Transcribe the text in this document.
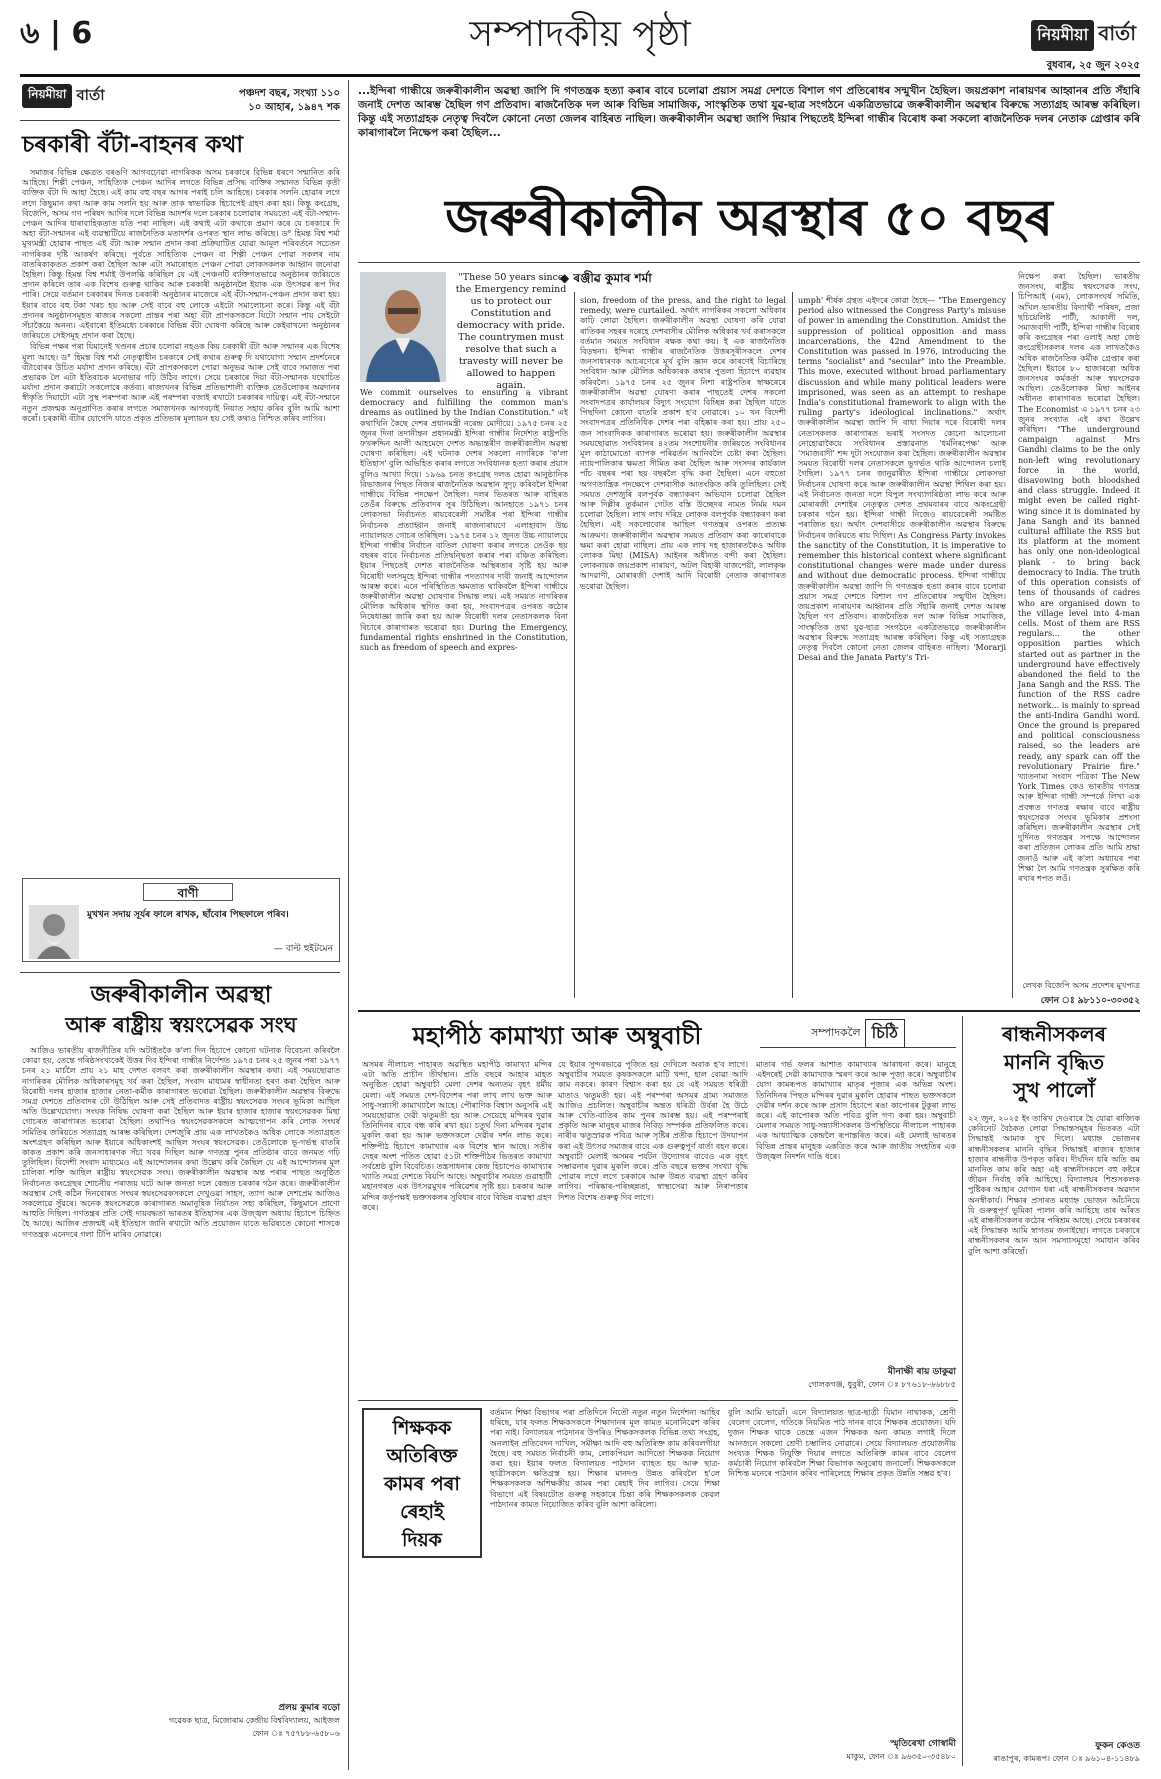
৬ | 6	সম্পাদকীয় পৃষ্ঠা	নিয়মীয়া বাৰ্তা
বুধবাৰ, ২৫ জুন ২০২৫
নিয়মীয়া বাৰ্তা	পঞ্চদশ বছৰ, সংখ্যা ১১০
১০ আহাৰ, ১৯৪৭ শক
চৰকাৰী বঁটা-বাহনৰ কথা

সমাজৰ বিভিন্ন ক্ষেত্ৰত বৰঙণি আগবঢ়োৱা নাগৰিকক অসম চৰকাৰে বিভিন্ন ধৰণে সন্মানিত কৰি আহিছে। শিল্পী পেঞ্চন, সাহিত্যিক পেঞ্চন আদিৰ লগতে বিভিন্ন প্ৰসিদ্ধ ব্যক্তিৰ সন্মানত বিভিন্ন কৃতী ব্যক্তিক বঁটা দি আহা হৈছে। এই কাম বহু বছৰ আগৰ পৰাই চলি আহিছে। চৰকাৰ সলনি হোৱাৰ লগে লগে কিছুমান কথা আৰু কাম সলনি হয় আৰু তাক স্বাভাৱিক হিচাপেই গ্ৰহণ কৰা হয়। কিন্তু কংগ্ৰেছ, বিজেপি, অসম গণ পৰিষদ আদিৰ দলে বিভিন্ন আদৰ্শৰ দলে চৰকাৰ চলোৱাৰ সময়তো এই বঁটা-সন্মান-পেঞ্চন আদিৰ ধাৰাবাহিকতাত যতি পৰা নাছিল। এই কথাই এটা কথাকে প্ৰমাণ কৰে যে চৰকাৰে দি অহা বঁটা-সন্মানৰ এই ব্যৱস্থাটিয়ে ৰাজনৈতিক মতাদৰ্শৰ ওপৰত স্থান লাভ কৰিছে। ড° হিমন্ত বিশ্ব শৰ্মা মুখ্যমন্ত্ৰী হোৱাৰ পাছত এই বঁটা আৰু সন্মান প্ৰদান কৰা প্ৰক্ৰিয়াটিত যোৱা আমূল পৰিবৰ্তনে সচেতন নাগৰিকৰ দৃষ্টি আকৰ্ষণ কৰিছে। পূৰ্বতে সাহিত্যিক পেঞ্চন বা শিল্পী পেঞ্চন পোৱা সকলৰ নাম বাতৰিকাকতত প্ৰকাশ কৰা হৈছিল আৰু এটা সমাৰোহত পেঞ্চন পোৱা লোকসকলক আহ্বান জনোৱা হৈছিল। কিন্তু হিমন্ত বিশ্ব শৰ্মাই উপলব্ধি কৰিছিল যে এই পেঞ্চনটি ব্যক্তিগতভাৱে অনুষ্ঠানৰ জৰিয়তে প্ৰদান কৰিলে তাৰ এক বিশেষ গুৰুত্ব থাকিব আৰু চৰকাৰী অনুষ্ঠানলৈ ইয়াক এক উৎসৱৰ ৰূপ দিব পাৰি। সেয়ে বৰ্তমান চৰকাৰৰ দিনত চৰকাৰী অনুষ্ঠানৰ মাজেৰে এই বঁটা-সন্মান-পেঞ্চন প্ৰদান কৰা হয়। ইয়াৰ বাবে বহু টকা খৰচ হয় আৰু সেই বাবে বহু লোকে এইটো সমালোচনা কৰে। কিন্তু এই বঁটা প্ৰদানৰ অনুষ্ঠানসমূহত ৰাজ্যৰ সকলো প্ৰান্তৰ পৰা অহা বঁটা প্ৰাপকসকলে যিটো সন্মান পায় সেইটো সঁচাকৈয়ে অনন্য। এইবাৰো ইতিমধ্যে চৰকাৰে বিভিন্ন বঁটা ঘোষণা কৰিছে আৰু কেইবাখনো অনুষ্ঠানৰ জৰিয়তে সেইসমূহ প্ৰদান কৰা হৈছে।

বিভিন্ন পক্ষৰ পৰা যিমানেই খণ্ডনৰ প্ৰচাৰ চলোৱা নহওক কিয় চৰকাৰী বঁটা আৰু সন্মানৰ এক বিশেষ মূল্য আছে। ড° হিমন্ত বিশ্ব শৰ্মা নেতৃত্বাধীন চৰকাৰে সেই কথাৰ গুৰুত্ব দি যথাযোগ্য সন্মান প্ৰদৰ্শনেৰে বঁটাবোৰৰ উচিত মৰ্যাদা প্ৰদান কৰিছে। বঁটা প্ৰাপকসকলে পোৱা অনুভৱ আৰু সেই বাবে সমাজত পৰা প্ৰভাৱক লৈ এটা ইতিবাচক মনোভাৱ গঢ়ি উঠিব লাগে। সেয়ে চৰকাৰে দিয়া বঁটা-সন্মানক যথোচিত মৰ্যাদা প্ৰদান কৰাটো সকলোৰে কৰ্তব্য। ৰাজ্যখনৰ বিভিন্ন প্ৰতিভাশালী ব্যক্তিক তেওঁলোকৰ অৱদানৰ স্বীকৃতি দিয়াটো এটা সুস্থ পৰম্পৰা আৰু এই পৰম্পৰা বজাই ৰখাটো চৰকাৰৰ দায়িত্ব। এই বঁটা-সন্মানে নতুন প্ৰজন্মক অনুপ্ৰাণিত কৰাৰ লগতে সমাজখনক আগবঢ়াই নিয়াত সহায় কৰিব বুলি আমি আশা কৰোঁ। চৰকাৰী বঁটাৰ যোগেদি যাতে প্ৰকৃত প্ৰতিভাৰ মূল্যায়ন হয় সেই কথাও নিশ্চিত কৰিব লাগিব।

বাণী
মুখখন সদায় সূৰ্যৰ ফালে ৰাখক, ছাঁবোৰ পিছফালে পৰিব।
— বাল্ট হুইটমেন
জৰুৰীকালীন অৱস্থা
আৰু ৰাষ্ট্ৰীয় স্বয়ংসেৱক সংঘ

আজিও ভাৰতীয় ৰাজনীতিৰ যদি অটাইতকৈ ক'লা দিন হিচাপে কোনো ঘটনাক বিবেচনা কৰিবলৈ কোৱা হয়, তেন্তে গৰিষ্ঠসংখ্যকেই উত্তৰ দিব ইন্দিৰা গান্ধীৰ নিৰ্দেশত ১৯৭৫ চনৰ ২৫ জুনৰ পৰা ১৯৭৭ চনৰ ২১ মাৰ্চলৈ প্ৰায় ২১ মাহ দেশত বলবৎ কৰা জৰুৰীকালীন অৱস্থাৰ কথা। এই সময়ছোৱাত নাগৰিকৰ মৌলিক অধিকাৰসমূহ খৰ্ব কৰা হৈছিল, সংবাদ মাধ্যমৰ স্বাধীনতা হৰণ কৰা হৈছিল আৰু বিৰোধী দলৰ হাজাৰ হাজাৰ নেতা-কৰ্মীক কাৰাগাৰত ভৰোৱা হৈছিল। জৰুৰীকালীন অৱস্থাৰ বিৰুদ্ধে সমগ্ৰ দেশতে প্ৰতিবাদৰ ঢৌ উঠিছিল আৰু সেই প্ৰতিবাদত ৰাষ্ট্ৰীয় স্বয়ংসেৱক সংঘৰ ভূমিকা আছিল অতি উল্লেখযোগ্য। সংঘক নিষিদ্ধ ঘোষণা কৰা হৈছিল আৰু ইয়াৰ হাজাৰ হাজাৰ স্বয়ংসেৱকক মিছা গোচৰত কাৰাগাৰত ভৰোৱা হৈছিল। তথাপিও স্বয়ংসেৱকসকলে আত্মগোপন কৰি লোক সংঘৰ্ষ সমিতিৰ জৰিয়তে সত্যাগ্ৰহ আৰম্ভ কৰিছিল। দেশজুৰি প্ৰায় এক লাখতকৈও অধিক লোকে সত্যাগ্ৰহত অংশগ্ৰহণ কৰিছিল আৰু ইয়াৰে অধিকাংশই আছিল সংঘৰ স্বয়ংসেৱক। তেওঁলোকে ভূ-গৰ্ভস্থ বাতৰি কাকত প্ৰকাশ কৰি জনসাধাৰণক সঁচা খবৰ দিছিল আৰু গণতন্ত্ৰ পুনৰ প্ৰতিষ্ঠাৰ বাবে জনমত গঢ়ি তুলিছিল। বিদেশী সংবাদ মাধ্যমেও এই আন্দোলনৰ কথা উল্লেখ কৰি কৈছিল যে এই আন্দোলনৰ মূল চালিকা শক্তি আছিল ৰাষ্ট্ৰীয় স্বয়ংসেৱক সংঘ। জৰুৰীকালীন অৱস্থাৰ অন্ত পৰাৰ পাছত অনুষ্ঠিত নিৰ্বাচনত কংগ্ৰেছৰ শোচনীয় পৰাজয় ঘটে আৰু জনতা দলে কেন্দ্ৰত চৰকাৰ গঠন কৰে। জৰুৰীকালীন অৱস্থাৰ সেই কঠিন দিনবোৰত সংঘৰ স্বয়ংসেৱকসকলে দেখুওৱা সাহস, ত্যাগ আৰু দেশপ্ৰেম আজিও সকলোৱে সুঁৱৰে। অনেক স্বয়ংসেৱকে কাৰাগাৰত অমানুষিক নিৰ্যাতন সহ্য কৰিছিল, কিছুমানে প্ৰাণো আহুতি দিছিল। গণতন্ত্ৰৰ প্ৰতি সেই দায়বদ্ধতা ভাৰতৰ ইতিহাসৰ এক উজ্জ্বল অধ্যায় হিচাপে চিহ্নিত হৈ আছে। আজিৰ প্ৰজন্মই এই ইতিহাস জানি ৰখাটো অতি প্ৰয়োজন যাতে ভৱিষ্যতে কোনো শাসকে গণতন্ত্ৰক এনেদৰে গলা টিপি মাৰিব নোৱাৰে।

প্ৰলয় কুমাৰ বড়ো
গৱেষক ছাত্ৰ, মিজোৰাম কেন্দ্ৰীয় বিশ্ববিদ্যালয়, আইজল
ফোন ঃ ৭৫৭৮৮-৬৫৮০৬
...ইন্দিৰা গান্ধীয়ে জৰুৰীকালীন অৱস্থা জাপি দি গণতন্ত্ৰক হত্যা কৰাৰ বাবে চলোৱা প্ৰয়াস সমগ্ৰ দেশতে বিশাল গণ প্ৰতিৰোধৰ সন্মুখীন হৈছিল। জয়প্ৰকাশ নাৰায়ণৰ আহ্বানৰ প্ৰতি সঁহাৰি জনাই দেশত আৰম্ভ হৈছিল গণ প্ৰতিবাদ। ৰাজনৈতিক দল আৰু বিভিন্ন সামাজিক, সাংস্কৃতিক তথা যুৱ-ছাত্ৰ সংগঠনে একত্ৰিতভাৱে জৰুৰীকালীন অৱস্থাৰ বিৰুদ্ধে সত্যাগ্ৰহ আৰম্ভ কৰিছিল। কিন্তু এই সত্যাগ্ৰহক নেতৃত্ব দিবলৈ কোনো নেতা জেলৰ বাহিৰত নাছিল। জৰুৰীকালীন অৱস্থা জাপি দিয়াৰ পিছতেই ইন্দিৰা গান্ধীৰ বিৰোধ কৰা সকলো ৰাজনৈতিক দলৰ নেতাক গ্ৰেপ্তাৰ কৰি কাৰাগাৰলৈ নিক্ষেপ কৰা হৈছিল...
জৰুৰীকালীন অৱস্থাৰ ৫০ বছৰ
◆ ৰঞ্জীৱ কুমাৰ শৰ্মা
"These 50 years since the Emergency remind us to protect our Constitution and democracy with pride. The countrymen must resolve that such a travesty will never be allowed to happen again.
We commit ourselves to ensuring a vibrant democracy and fulfilling the common man's dreams as outlined by the Indian Constitution." এই কথাখিনি কৈছে দেশৰ প্ৰধানমন্ত্ৰী নৰেন্দ্ৰ মোদীয়ে। ১৯৭৫ চনৰ ২৫ জুনৰ দিনা তদানীন্তন প্ৰধানমন্ত্ৰী ইন্দিৰা গান্ধীৰ নিৰ্দেশত ৰাষ্ট্ৰপতি ফখৰুদ্দিন আলী আহমেদে দেশত অভ্যন্তৰীণ জৰুৰীকালীন অৱস্থা ঘোষণা কৰিছিল। এই ঘটনাক দেশৰ সকলো নাগৰিকে 'ক'লা ইতিহাস' বুলি অভিহিত কৰাৰ লগতে সংবিধানক হত্যা কৰাৰ প্ৰয়াস বুলিও আখ্যা দিয়ে। ১৯৬৯ চনত কংগ্ৰেছ দলত হোৱা আনুষ্ঠানিক বিভাজনৰ পিছত নিজৰ ৰাজনৈতিক অৱস্থান সুদৃঢ় কৰিবলৈ ইন্দিৰা গান্ধীয়ে বিভিন্ন পদক্ষেপ লৈছিল। দলৰ ভিতৰত আৰু বাহিৰত তেওঁৰ বিৰুদ্ধে প্ৰতিবাদৰ সুৰ উঠিছিল। আনহাতে ১৯৭১ চনৰ লোকসভা নিৰ্বাচনত ৰায়বেৰেলী সমষ্টিৰ পৰা ইন্দিৰা গান্ধীৰ নিৰ্বাচনক প্ৰত্যাহ্বান জনাই ৰাজনাৰায়ণে এলাহাবাদ উচ্চ ন্যায়ালয়ত গোচৰ তৰিছিল। ১৯৭৫ চনৰ ১২ জুনত উচ্চ ন্যায়ালয়ে ইন্দিৰা গান্ধীৰ নিৰ্বাচন বাতিল ঘোষণা কৰাৰ লগতে তেওঁক ছয় বছৰৰ বাবে নিৰ্বাচনত প্ৰতিদ্বন্দ্বিতা কৰাৰ পৰা বঞ্চিত কৰিছিল। ইয়াৰ পিছতেই দেশত ৰাজনৈতিক অস্থিৰতাৰ সৃষ্টি হয় আৰু বিৰোধী দলসমূহে ইন্দিৰা গান্ধীৰ পদত্যাগৰ দাবী জনাই আন্দোলন আৰম্ভ কৰে। এনে পৰিস্থিতিত ক্ষমতাত থাকিবলৈ ইন্দিৰা গান্ধীয়ে জৰুৰীকালীন অৱস্থা ঘোষণাৰ সিদ্ধান্ত লয়। এই সময়ত নাগৰিকৰ মৌলিক অধিকাৰ স্থগিত কৰা হয়, সংবাদপত্ৰৰ ওপৰত কঠোৰ নিষেধাজ্ঞা জাৰি কৰা হয় আৰু বিৰোধী দলৰ নেতাসকলক বিনা বিচাৰে কাৰাগাৰত ভৰোৱা হয়। During the Emergency, fundamental rights enshrined in the Constitution, such as freedom of speech and expres-
sion, freedom of the press, and the right to legal remedy, were curtailed. অৰ্থাৎ নাগৰিকৰ সকলো অধিকাৰ কাঢ়ি লোৱা হৈছিল। জৰুৰীকালীন অৱস্থা ঘোষণা কৰি যোৱা ৰাতিকৰ সহৰৰ দৰেহে দেশবাসীৰ মৌলিক অধিকাৰ খৰ্ব কৰাসকলে বৰ্তমান সময়ত সংবিধান ৰক্ষক কথা কয়। ই এক ৰাজনৈতিক বিড়ম্বনা। ইন্দিৰা গান্ধীৰ ৰাজনৈতিক উত্তৰসূৰীসকলে দেশৰ জনসাধাৰণক আচৰণেৰে মূৰ্খ বুলি জ্ঞান কৰে কাৰণেই বিচাৰিছে সংবিধান আৰু মৌলিক অধিকাৰক কথাৰ পুতলা হিচাপে ব্যৱহাৰ কৰিবলৈ। ১৯৭৫ চনৰ ২৫ জুনৰ নিশা ৰাষ্ট্ৰপতিৰ স্বাক্ষৰেৰে জৰুৰীকালীন অৱস্থা ঘোষণা কৰাৰ পাছতেই দেশৰ সকলো সংবাদপত্ৰৰ কাৰ্যালয়ৰ বিদ্যুৎ সংযোগ বিচ্ছিন্ন কৰা হৈছিল যাতে পিছদিনা কোনো বাতৰি প্ৰকাশ হ'ব নোৱাৰে। ১০ খন বিদেশী সংবাদপত্ৰৰ প্ৰতিনিধিক দেশৰ পৰা বহিষ্কাৰ কৰা হয়। প্ৰায় ২৫০ জন সাংবাদিকক কাৰাগাৰত ভৰোৱা হয়। জৰুৰীকালীন অৱস্থাৰ সময়ছোৱাত সংবিধানৰ ৪২তম সংশোধনীৰ জৰিয়তে সংবিধানৰ মূল কাঠামোতো ব্যাপক পৰিৱৰ্তন আনিবলৈ চেষ্টা কৰা হৈছিল। ন্যায়পালিকাৰ ক্ষমতা সীমিত কৰা হৈছিল আৰু সংসদৰ কাৰ্যকাল পাঁচ বছৰৰ পৰা ছয় বছৰলৈ বৃদ্ধি কৰা হৈছিল। এনে বহুতো অগণতান্ত্ৰিক পদক্ষেপে দেশবাসীক আতংকিত কৰি তুলিছিল। সেই সময়ত দেশজুৰি বলপূৰ্বক বন্ধ্যাকৰণ অভিযান চলোৱা হৈছিল আৰু দিল্লীৰ তুৰ্কমান গেটত বস্তি উচ্ছেদৰ নামত নিৰ্মম দমন চলোৱা হৈছিল। লাখ লাখ দৰিদ্ৰ লোকক বলপূৰ্বক বন্ধ্যাকৰণ কৰা হৈছিল। এই সকলোবোৰ আছিল গণতন্ত্ৰৰ ওপৰত প্ৰত্যক্ষ আক্ৰমণ। জৰুৰীকালীন অৱস্থাৰ সময়ত প্ৰতিবাদ কৰা কাৰোবাকে ক্ষমা কৰা হোৱা নাছিল। প্ৰায় এক লাখ দহ হাজাৰতকৈও অধিক লোকক মিছা (MISA) আইনৰ অধীনত বন্দী কৰা হৈছিল। লোকনায়ক জয়প্ৰকাশ নাৰায়ণ, অটল বিহাৰী বাজপেয়ী, লালকৃষ্ণ আদৱাণী, মোৰাৰজী দেশাই আদি বিৰোধী নেতাক কাৰাগাৰত ভৰোৱা হৈছিল।
umph' শীৰ্ষক গ্ৰন্থত এইদৰে কোৱা হৈছে— "The Emergency period also witnessed the Congress Party's misuse of power in amending the Constitution. Amidst the suppression of political opposition and mass incarcerations, the 42nd Amendment to the Constitution was passed in 1976, introducing the terms "socialist" and "secular" into the Preamble. This move, executed without broad parliamentary discussion and while many political leaders were imprisoned, was seen as an attempt to reshape India's constitutional framework to align with the ruling party's ideological inclinations." অৰ্থাৎ জৰুৰীকালীন অৱস্থা জাপি দি বাধা দিয়াৰ দৰে বিৰোধী দলৰ নেতাসকলক কাৰাগাৰত ভৰাই সংসদত কোনো আলোচনা নোহোৱাকৈয়ে সংবিধানৰ প্ৰস্তাৱনাত 'ধৰ্মনিৰপেক্ষ' আৰু 'সমাজবাদী' শব্দ দুটা সংযোজন কৰা হৈছিল। জৰুৰীকালীন অৱস্থাৰ সময়ত বিৰোধী দলৰ নেতাসকলে ভূগৰ্ভত থাকি আন্দোলন চলাই গৈছিল। ১৯৭৭ চনৰ জানুৱাৰীত ইন্দিৰা গান্ধীয়ে লোকসভা নিৰ্বাচনৰ ঘোষণা কৰে আৰু জৰুৰীকালীন অৱস্থা শিথিল কৰা হয়। এই নিৰ্বাচনত জনতা দলে বিপুল সংখ্যাগৰিষ্ঠতা লাভ কৰে আৰু মোৰাৰজী দেশাইৰ নেতৃত্বত দেশত প্ৰথমবাৰৰ বাবে অকংগ্ৰেছী চৰকাৰ গঠন হয়। ইন্দিৰা গান্ধী নিজেও ৰায়বেৰেলী সমষ্টিত পৰাজিত হয়। অৰ্থাৎ দেশবাসীয়ে জৰুৰীকালীন অৱস্থাৰ বিৰুদ্ধে নিৰ্বাচনৰ জৰিয়তে ৰায় দিছিল। As Congress Party invokes the sanctity of the Constitution, it is imperative to remember this historical context where significant constitutional changes were made under duress and without due democratic process. ইন্দিৰা গান্ধীয়ে জৰুৰীকালীন অৱস্থা জাপি দি গণতন্ত্ৰক হত্যা কৰাৰ বাবে চলোৱা প্ৰয়াস সমগ্ৰ দেশতে বিশাল গণ প্ৰতিৰোধৰ সন্মুখীন হৈছিল। জয়প্ৰকাশ নাৰায়ণৰ আহ্বানৰ প্ৰতি সঁহাৰি জনাই দেশত আৰম্ভ হৈছিল গণ প্ৰতিবাদ। ৰাজনৈতিক দল আৰু বিভিন্ন সামাজিক, সাংস্কৃতিক তথা যুৱ-ছাত্ৰ সংগঠনে একত্ৰিতভাৱে জৰুৰীকালীন অৱস্থাৰ বিৰুদ্ধে সত্যাগ্ৰহ আৰম্ভ কৰিছিল। কিন্তু এই সত্যাগ্ৰহক নেতৃত্ব দিবলৈ কোনো নেতা জেলৰ বাহিৰত নাছিল। 'Morarji Desai and the Janata Party's Tri-
নিক্ষেপ কৰা হৈছিল। ভাৰতীয় জনসংঘ, ৰাষ্ট্ৰীয় স্বয়ংসেৱক সংঘ, চিপিআই (এম), লোকসংঘৰ্ষ সমিতি, অখিল ভাৰতীয় বিদ্যাৰ্থী পৰিষদ, প্ৰজা ছচিয়েলিষ্ট পাৰ্টী, আকালী দল, সমাজবাদী পাৰ্টী, ইন্দিৰা গান্ধীৰ বিৰোধ কৰি কংগ্ৰেছৰ পৰা ওলাই অহা জেষ্ঠ কংগ্ৰেছীসকলৰ দলৰ এক লাখতকৈও অধিক ৰাজনৈতিক কৰ্মীক গ্ৰেপ্তাৰ কৰা হৈছিল। ইয়াৰে ৮০ হাজাৰৰো অধিক জনসংঘৰ কৰ্মকৰ্তা আৰু স্বয়ংসেৱক আছিল। তেওঁলোকক মিছা আইনৰ অধীনত কাৰাগাৰত ভৰোৱা হৈছিল। The Economist এ ১৯৭৭ চনৰ ২৩ জুনৰ সংখ্যাত এই কথা উল্লেখ কৰিছিল। "The underground campaign against Mrs Gandhi claims to be the only non-left wing revolutionary force in the world, disavowing both bloodshed and class struggle. Indeed it might even be called right-wing since it is dominated by Jana Sangh and its banned cultural affiliate the RSS but its platform at the moment has only one non-ideological plank - to bring back democracy to India. The truth of this operation consists of tens of thousands of cadres who are organised down to the village level into 4-man cells. Most of them are RSS regulars... the other opposition parties which started out as partner in the underground have effectively abandoned the field to the Jana Sangh and the RSS. The function of the RSS cadre network... is mainly to spread the anti-Indira Gandhi word. Once the ground is prepared and political consciousness raised, so the leaders are ready, any spark can off the revolutionary Prairie fire." খ্যাতনামা সংবাদ পত্ৰিকা The New York Times কেও ভাৰতীয় গণতন্ত্ৰ আৰু ইন্দিৰা গান্ধী সম্পৰ্কে লিখা এক প্ৰবন্ধত গণতন্ত্ৰ ৰক্ষাৰ বাবে ৰাষ্ট্ৰীয় স্বয়ংসেৱক সংঘৰ ভূমিকাৰ প্ৰশংসা কৰিছিল। জৰুৰীকালীন অৱস্থাৰ সেই দুৰ্দিনত গণতন্ত্ৰৰ সপক্ষে আন্দোলন কৰা প্ৰতিজন লোকৰ প্ৰতি আমি শ্ৰদ্ধা জনাওঁ আৰু এই ক'লা অধ্যায়ৰ পৰা শিক্ষা লৈ আমি গণতন্ত্ৰক সুৰক্ষিত কৰি ৰখাৰ শপত লওঁ।
লেখক বিজেপি অসম প্ৰদেশৰ মুখপাত্ৰ
ফোন ঃ ৯৮১১০-৩০৩৫২
মহাপীঠ কামাখ্যা আৰু অম্বুবাচী
অসমৰ নীলাচল পাহাৰত অৱস্থিত মহাপীঠ কামাখ্যা মন্দিৰ এটা অতি প্ৰাচীন তীৰ্থস্থান। প্ৰতি বছৰে আহাৰ মাহত অনুষ্ঠিত হোৱা অম্বুবাচী মেলা দেশৰ অন্যতম বৃহৎ ধৰ্মীয় মেলা। এই সময়ত দেশ-বিদেশৰ পৰা লাখ লাখ ভক্ত আৰু সাধু-সন্ন্যাসী কামাখ্যালৈ আহে। পৌৰাণিক বিশ্বাস অনুসৰি এই সময়ছোৱাত দেৱী ঋতুমতী হয় আৰু সেয়েহে মন্দিৰৰ দুৱাৰ তিনিদিনৰ বাবে বন্ধ কৰি ৰখা হয়। চতুৰ্থ দিনা মন্দিৰৰ দুৱাৰ মুকলি কৰা হয় আৰু ভক্তসকলে দেৱীৰ দৰ্শন লাভ কৰে। শক্তিপীঠ হিচাপে কামাখ্যাৰ এক বিশেষ স্থান আছে। সতীৰ দেহৰ অংশ পতিত হোৱা ৫১টা শক্তিপীঠৰ ভিতৰত কামাখ্যা সৰ্বশ্ৰেষ্ঠ বুলি বিবেচিত। তন্ত্ৰসাধনাৰ কেন্দ্ৰ হিচাপেও কামাখ্যাৰ খ্যাতি সমগ্ৰ দেশতে বিয়পি আছে। অম্বুবাচীৰ সময়ত গুৱাহাটী মহানগৰত এক উৎসৱমুখৰ পৰিৱেশৰ সৃষ্টি হয়। চৰকাৰ আৰু মন্দিৰ কৰ্তৃপক্ষই ভক্তসকলৰ সুবিধাৰ বাবে বিভিন্ন ব্যৱস্থা গ্ৰহণ কৰে।
যে ইয়াৰ সুন্দৰভাৱে পূজিত হয় দেখিলে অবাক হ'ব লাগে। অম্বুবাচীৰ সময়ত কৃষকসকলে মাটি খন্দা, হাল বোৱা আদি কাম নকৰে। কাৰণ বিশ্বাস কৰা হয় যে এই সময়ত ধৰিত্ৰী মাতাও ঋতুমতী হয়। এই পৰম্পৰা অসমৰ গ্ৰাম্য সমাজত আজিও প্ৰচলিত। অম্বুবাচীৰ অন্তত ধৰিত্ৰী উৰ্বৰা হৈ উঠে আৰু খেতি-বাতিৰ কাম পুনৰ আৰম্ভ হয়। এই পৰম্পৰাই প্ৰকৃতি আৰু মানুহৰ মাজৰ নিবিড় সম্পৰ্কক প্ৰতিফলিত কৰে। নাৰীৰ ঋতুস্ৰাৱক পবিত্ৰ আৰু সৃষ্টিৰ প্ৰতীক হিচাপে উদযাপন কৰা এই উৎসৱ সমাজৰ বাবে এক গুৰুত্বপূৰ্ণ বাৰ্তা বহন কৰে। অম্বুবাচী মেলাই অসমৰ পৰ্যটন উদ্যোগৰ বাবেও এক বৃহৎ সম্ভাৱনাৰ দুৱাৰ মুকলি কৰে। প্ৰতি বছৰে ভক্তৰ সংখ্যা বৃদ্ধি পোৱাৰ লগে লগে চৰকাৰে আৰু উন্নত ব্যৱস্থা গ্ৰহণ কৰিব লাগিব। পৰিষ্কাৰ-পৰিচ্ছন্নতা, স্বাস্থ্যসেৱা আৰু নিৰাপত্তাৰ দিশত বিশেষ গুৰুত্ব দিব লাগে।
মাতাৰ গৰ্ভ ফলৰ আশাত কামাখ্যাৰ আৰাধনা কৰে। মানুহে এইদৰেই দেৱী কামাখ্যাক স্মৰণ কৰে আৰু পূজা কৰে। অম্বুবাচীৰ যোগ কামৰূপত কামাখ্যাৰ মাতৃৰ পূজাৰ এক অভিন্ন অংশ। তিনিদিনৰ পিছত মন্দিৰৰ দুৱাৰ মুকলি হোৱাৰ পাছত ভক্তসকলে দেৱীৰ দৰ্শন কৰে আৰু প্ৰসাদ হিচাপে ৰঙা কাপোৰৰ টুকুৰা লাভ কৰে। এই কাপোৰক অতি পবিত্ৰ বুলি গণ্য কৰা হয়। অম্বুবাচী মেলাৰ সময়ত সাধু-সন্ন্যাসীসকলৰ উপস্থিতিয়ে নীলাচল পাহাৰক এক আধ্যাত্মিক কেন্দ্ৰলৈ ৰূপান্তৰিত কৰে। এই মেলাই ভাৰতৰ বিভিন্ন প্ৰান্তৰ মানুহক একত্ৰিত কৰে আৰু জাতীয় সংহতিৰ এক উজ্জ্বল নিদৰ্শন দাঙি ধৰে।
মীনাক্ষী ৰায় ডাকুৱা
গোলকগঞ্জ, ধুবুৰী, ফোন ঃ ৮৭৬১৮-৬৬৮৮৫
সম্পাদকলৈ চিঠি	ৰান্ধনীসকলৰ
মাননি বৃদ্ধিত
সুখ পালোঁ
২২ জুন, ২০২৫ ইং তাৰিখ দেওবাৰে হৈ যোৱা ৰাজ্যিক কেবিনেট বৈঠকত লোৱা সিদ্ধান্তসমূহৰ ভিতৰত এটা সিদ্ধান্তই আমাক সুখ দিলে। মধ্যাহ্ন ভোজনৰ ৰান্ধনীসকলৰ মাননি বৃদ্ধিৰ সিদ্ধান্তই ৰাজ্যৰ হাজাৰ হাজাৰ ৰান্ধনীক উপকৃত কৰিব। দীৰ্ঘদিন ধৰি অতি কম মাননিত কাম কৰি অহা এই ৰান্ধনীসকলে বহু কষ্টৰে জীৱন নিৰ্বাহ কৰি আহিছে। বিদ্যালয়ৰ শিশুসকলক পুষ্টিকৰ আহাৰ যোগান ধৰা এই ৰান্ধনীসকলৰ অৱদান অনস্বীকাৰ্য। শিক্ষাৰ প্ৰসাৰত মধ্যাহ্ন ভোজন আঁচনিয়ে যি গুৰুত্বপূৰ্ণ ভূমিকা পালন কৰি আহিছে তাৰ আঁৰত এই ৰান্ধনীসকলৰ কঠোৰ পৰিশ্ৰম আছে। সেয়ে চৰকাৰৰ এই সিদ্ধান্তক আমি স্বাগতম জনাইছো। লগতে চৰকাৰে ৰান্ধনীসকলৰ আন আন সমস্যাসমূহো সমাধান কৰিব বুলি আশা কৰিছোঁ।
ফুকন কেওত
ৰাঙাপুৰ, কামৰূপ। ফোন ঃ ৯৬১০৪-১১৪৮৯
শিক্ষকক
অতিৰিক্ত
কামৰ পৰা
ৰেহাই
দিয়ক
বৰ্তমান শিক্ষা বিভাগৰ পৰা প্ৰতিদিনে নিতৌ নতুন নতুন নিৰ্দেশনা আহিব ধৰিছে, যাৰ ফলত শিক্ষকসকলে শিক্ষাদানৰ মূল কামত মনোনিৱেশ কৰিব পৰা নাই। বিদ্যালয়ৰ পাঠদানৰ উপৰিও শিক্ষকসকলক বিভিন্ন তথ্য সংগ্ৰহ, অনলাইন প্ৰতিবেদন দাখিল, সমীক্ষা আদি বহু অতিৰিক্ত কাম কৰিবলগীয়া হৈছে। বহু সময়ত নিৰ্বাচনী কাম, লোকপিয়ল আদিতো শিক্ষকক নিয়োগ কৰা হয়। ইয়াৰ ফলত বিদ্যালয়ত পাঠদান ব্যাহত হয় আৰু ছাত্ৰ-ছাত্ৰীসকলে ক্ষতিগ্ৰস্ত হয়। শিক্ষাৰ মানদণ্ড উন্নত কৰিবলৈ হ'লে শিক্ষকসকলক অশিক্ষকীয় কামৰ পৰা ৰেহাই দিব লাগিব। সেয়ে শিক্ষা বিভাগে এই বিষয়টোত গুৰুত্ব সহকাৰে চিন্তা কৰি শিক্ষকসকলক কেৱল পাঠদানৰ কামত নিয়োজিত কৰিব বুলি আশা কৰিলো।
বুলি আমি ভাৱোঁ। এনে বিদ্যালয়ত ছাত্ৰ-ছাত্ৰী যিমান নাথাকক, শ্ৰেণী বেলেগ বেলেগ, গতিকে নিয়মিত পাঠ দানৰ বাবে শিক্ষকৰ প্ৰয়োজন। যদি দুজন শিক্ষক থাকে তেন্তে এজন শিক্ষকক অন্য কামত লগাই দিলে আনজনে সকলো শ্ৰেণী চম্ভালিব নোৱাৰে। সেয়ে বিদ্যালয়ত প্ৰয়োজনীয় সংখ্যক শিক্ষক নিযুক্তি দিয়াৰ লগতে অতিৰিক্ত কামৰ বাবে বেলেগ কৰ্মচাৰী নিয়োগ কৰিবলৈ শিক্ষা বিভাগক অনুৰোধ জনালোঁ। শিক্ষকসকলে নিশ্চিন্ত মনেৰে পাঠদান কৰিব পাৰিলেহে শিক্ষাৰ প্ৰকৃত উন্নতি সম্ভৱ হ'ব।
স্মৃতিৰেখা গোস্বামী
মাকুম, ফোন ঃ ৯৬৩৫০-৩৫৪৮০
